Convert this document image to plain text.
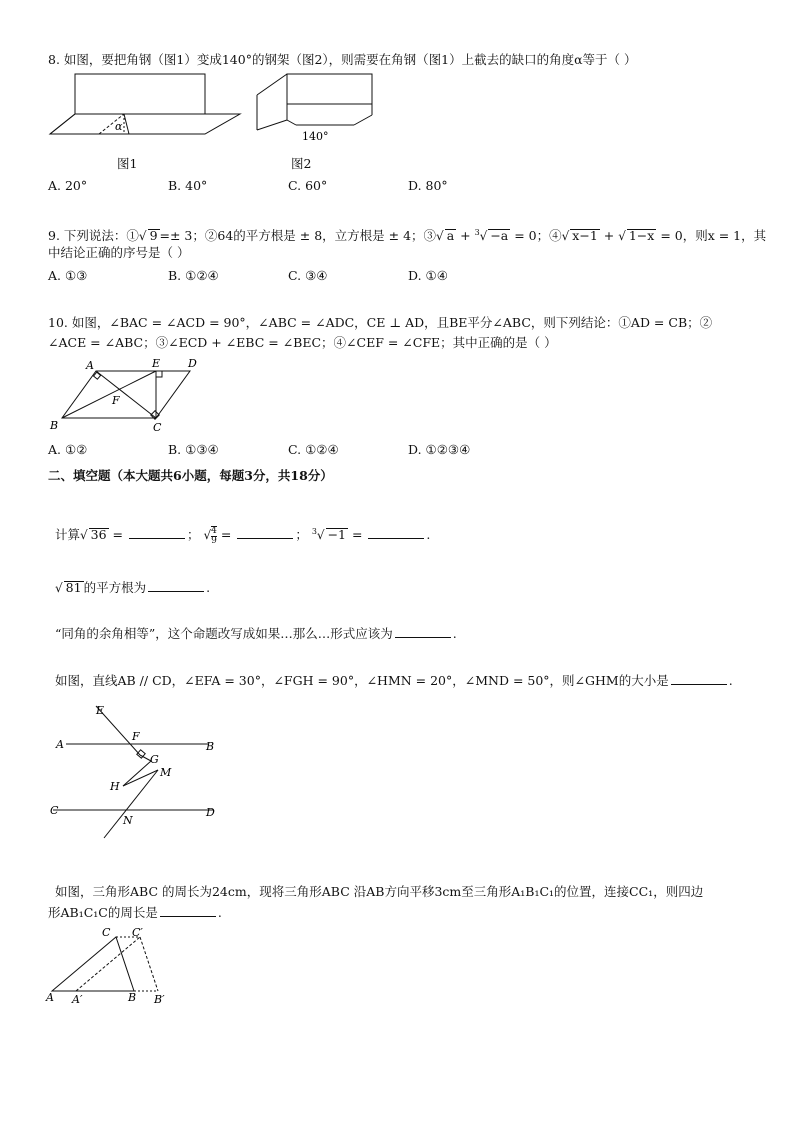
8. 如图，要把角钢（图1）变成140°的钢架（图2），则需要在角钢（图1）上截去的缺口的角度α等于（ ）
α
140°
图1	图2
A. 20°	B. 40°	C. 60°	D. 80°
9. 下列说法：①√ 9 =± 3；②64的平方根是 ± 8，立方根是 ± 4；③√ a + $^3$√ −a = 0；④√ x−1 + √ 1−x = 0，则x = 1，其
中结论正确的序号是（ ）
A. ①③	B. ①②④	C. ③④	D. ①④
10. 如图，∠BAC = ∠ACD = 90°，∠ABC = ∠ADC，CE ⊥ AD，且BE平分∠ABC，则下列结论：①AD = CB；②
∠ACE = ∠ABC；③∠ECD + ∠EBC = ∠BEC；④∠CEF = ∠CFE；其中正确的是（ ）
A	E	D
F
B	C
A. ①②	B. ①③④	C. ①②④	D. ①②③④
二、填空题（本大题共6小题，每题3分，共18分）
计算√ 36 =	； $√\frac{4}{9}$ =	； $^3$√ −1 =	.
√ 81 的平方根为	.
“同角的余角相等”，这个命题改写成如果…那么…形式应该为	.
如图，直线AB // CD，∠EFA = 30°，∠FGH = 90°，∠HMN = 20°，∠MND = 50°，则∠GHM的大小是	.
E
A
F
B
G
M
H
C
N
D
如图，三角形ABC 的周长为24cm，现将三角形ABC 沿AB方向平移3cm至三角形A₁B₁C₁的位置，连接CC₁，则四边
形AB₁C₁C的周长是	.
C C′
A A′	B B′
